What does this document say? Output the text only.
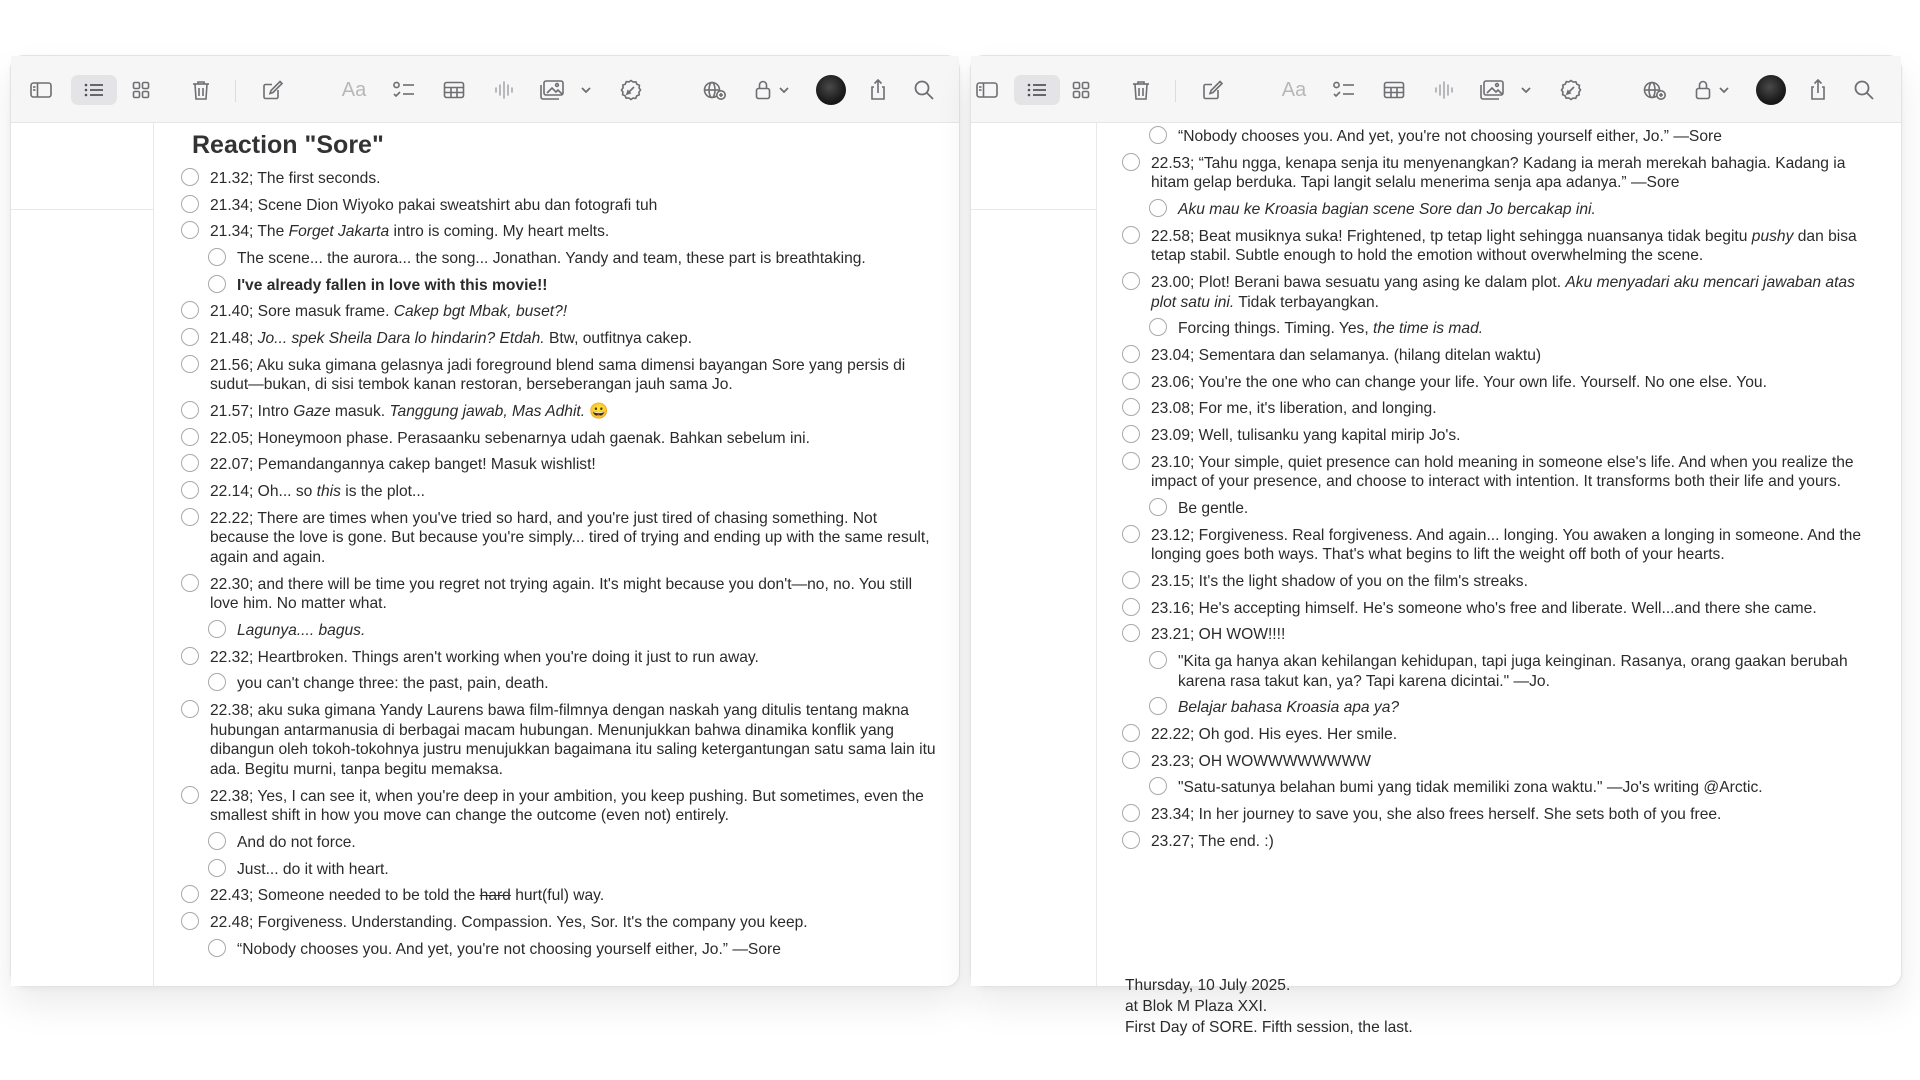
Aa
Reaction "Sore"
21.32; The first seconds.
21.34; Scene Dion Wiyoko pakai sweatshirt abu dan fotografi tuh
21.34; The Forget Jakarta intro is coming. My heart melts.
The scene... the aurora... the song... Jonathan. Yandy and team, these part is breathtaking.
I've already fallen in love with this movie!!
21.40; Sore masuk frame. Cakep bgt Mbak, buset?!
21.48; Jo... spek Sheila Dara lo hindarin? Etdah. Btw, outfitnya cakep.
21.56; Aku suka gimana gelasnya jadi foreground blend sama dimensi bayangan Sore yang persis di sudut—bukan, di sisi tembok kanan restoran, berseberangan jauh sama Jo.
21.57; Intro Gaze masuk. Tanggung jawab, Mas Adhit. 😀
22.05; Honeymoon phase. Perasaanku sebenarnya udah gaenak. Bahkan sebelum ini.
22.07; Pemandangannya cakep banget! Masuk wishlist!
22.14; Oh... so this is the plot...
22.22; There are times when you've tried so hard, and you're just tired of chasing something. Not because the love is gone. But because you're simply... tired of trying and ending up with the same result, again and again.
22.30; and there will be time you regret not trying again. It's might because you don't—no, no. You still love him. No matter what.
Lagunya.... bagus.
22.32; Heartbroken. Things aren't working when you're doing it just to run away.
you can't change three: the past, pain, death.
22.38; aku suka gimana Yandy Laurens bawa film-filmnya dengan naskah yang ditulis tentang makna hubungan antarmanusia di berbagai macam hubungan. Menunjukkan bahwa dinamika konflik yang dibangun oleh tokoh-tokohnya justru menujukkan bagaimana itu saling ketergantungan satu sama lain itu ada. Begitu murni, tanpa begitu memaksa.
22.38; Yes, I can see it, when you're deep in your ambition, you keep pushing. But sometimes, even the smallest shift in how you move can change the outcome (even not) entirely.
And do not force.
Just... do it with heart.
22.43; Someone needed to be told the hard hurt(ful) way.
22.48; Forgiveness. Understanding. Compassion. Yes, Sor. It's the company you keep.
“Nobody chooses you. And yet, you're not choosing yourself either, Jo.” —Sore
Aa
“Nobody chooses you. And yet, you're not choosing yourself either, Jo.” —Sore
22.53; “Tahu ngga, kenapa senja itu menyenangkan? Kadang ia merah merekah bahagia. Kadang ia hitam gelap berduka. Tapi langit selalu menerima senja apa adanya.” —Sore
Aku mau ke Kroasia bagian scene Sore dan Jo bercakap ini.
22.58; Beat musiknya suka! Frightened, tp tetap light sehingga nuansanya tidak begitu pushy dan bisa tetap stabil. Subtle enough to hold the emotion without overwhelming the scene.
23.00; Plot! Berani bawa sesuatu yang asing ke dalam plot. Aku menyadari aku mencari jawaban atas plot satu ini. Tidak terbayangkan.
Forcing things. Timing. Yes, the time is mad.
23.04; Sementara dan selamanya. (hilang ditelan waktu)
23.06; You're the one who can change your life. Your own life. Yourself. No one else. You.
23.08; For me, it's liberation, and longing.
23.09; Well, tulisanku yang kapital mirip Jo's.
23.10; Your simple, quiet presence can hold meaning in someone else's life. And when you realize the impact of your presence, and choose to interact with intention. It transforms both their life and yours.
Be gentle.
23.12; Forgiveness. Real forgiveness. And again... longing. You awaken a longing in someone. And the longing goes both ways. That's what begins to lift the weight off both of your hearts.
23.15; It's the light shadow of you on the film's streaks.
23.16; He's accepting himself. He's someone who's free and liberate. Well...and there she came.
23.21; OH WOW!!!!
"Kita ga hanya akan kehilangan kehidupan, tapi juga keinginan. Rasanya, orang gaakan berubah karena rasa takut kan, ya? Tapi karena dicintai." —Jo.
Belajar bahasa Kroasia apa ya?
22.22; Oh god. His eyes. Her smile.
23.23; OH WOWWWWWWWW
"Satu-satunya belahan bumi yang tidak memiliki zona waktu." —Jo's writing @Arctic.
23.34; In her journey to save you, she also frees herself. She sets both of you free.
23.27; The end. :)
Thursday, 10 July 2025.
at Blok M Plaza XXI.
First Day of SORE. Fifth session, the last.
